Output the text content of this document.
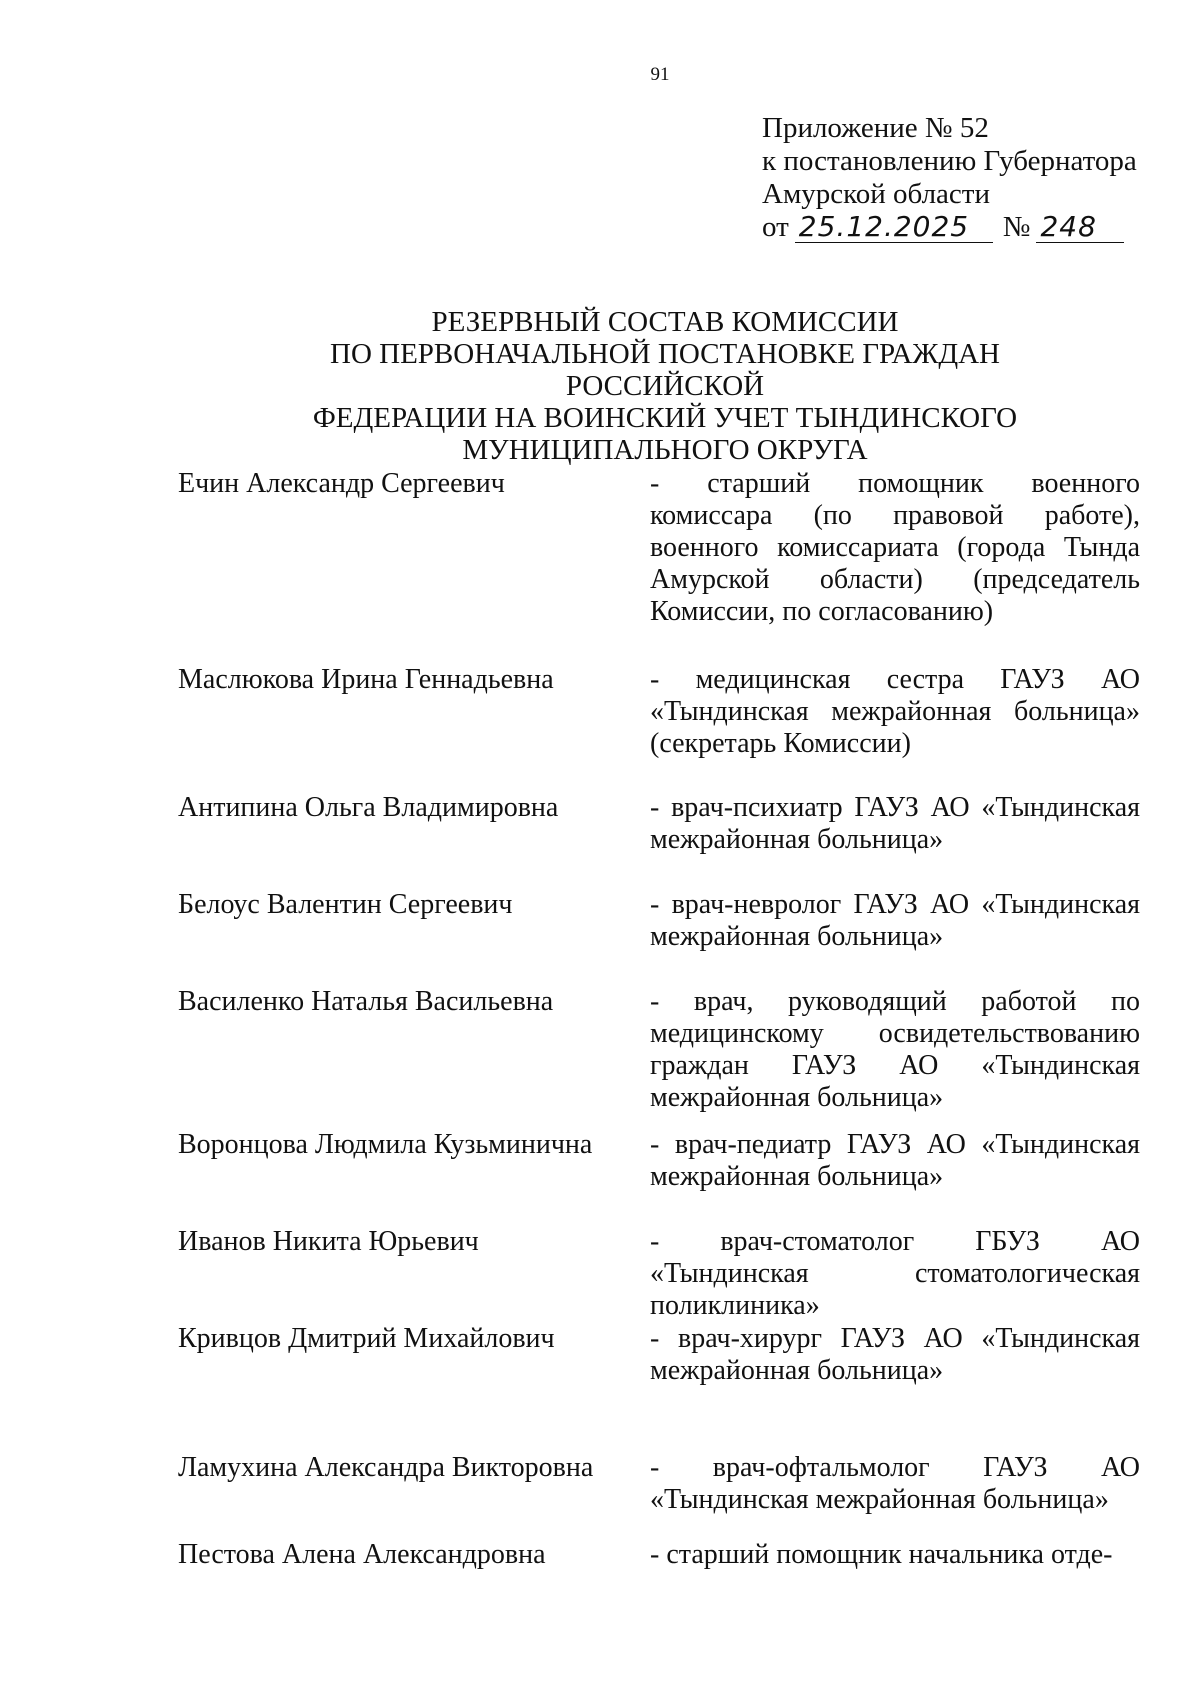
91
Приложение № 52
к постановлению Губернатора
Амурской области
от 25.12.2025	№ 248
РЕЗЕРВНЫЙ СОСТАВ КОМИССИИ
ПО ПЕРВОНАЧАЛЬНОЙ ПОСТАНОВКЕ ГРАЖДАН РОССИЙСКОЙ
ФЕДЕРАЦИИ НА ВОИНСКИЙ УЧЕТ ТЫНДИНСКОГО
МУНИЦИПАЛЬНОГО ОКРУГА
Ечин Александр Сергеевич	- старший помощник военного комиссара (по правовой работе), военного комиссариата (города Тында Амурской области) (председатель Комиссии, по согласованию)
Маслюкова Ирина Геннадьевна	- медицинская сестра ГАУЗ АО «Тындинская межрайонная больница» (секретарь Комиссии)
Антипина Ольга Владимировна	- врач-психиатр ГАУЗ АО «Тындинская межрайонная больница»
Белоус Валентин Сергеевич	- врач-невролог ГАУЗ АО «Тындинская межрайонная больница»
Василенко Наталья Васильевна	- врач, руководящий работой по медицинскому освидетельствованию граждан ГАУЗ АО «Тындинская межрайонная больница»
Воронцова Людмила Кузьминична	- врач-педиатр ГАУЗ АО «Тындинская межрайонная больница»
Иванов Никита Юрьевич	- врач-стоматолог ГБУЗ АО «Тындинская стоматологическая поликлиника»
Кривцов Дмитрий Михайлович	- врач-хирург ГАУЗ АО «Тындинская межрайонная больница»
Ламухина Александра Викторовна	- врач-офтальмолог ГАУЗ АО «Тындинская межрайонная больница»
Пестова Алена Александровна	- старший помощник начальника отде-
